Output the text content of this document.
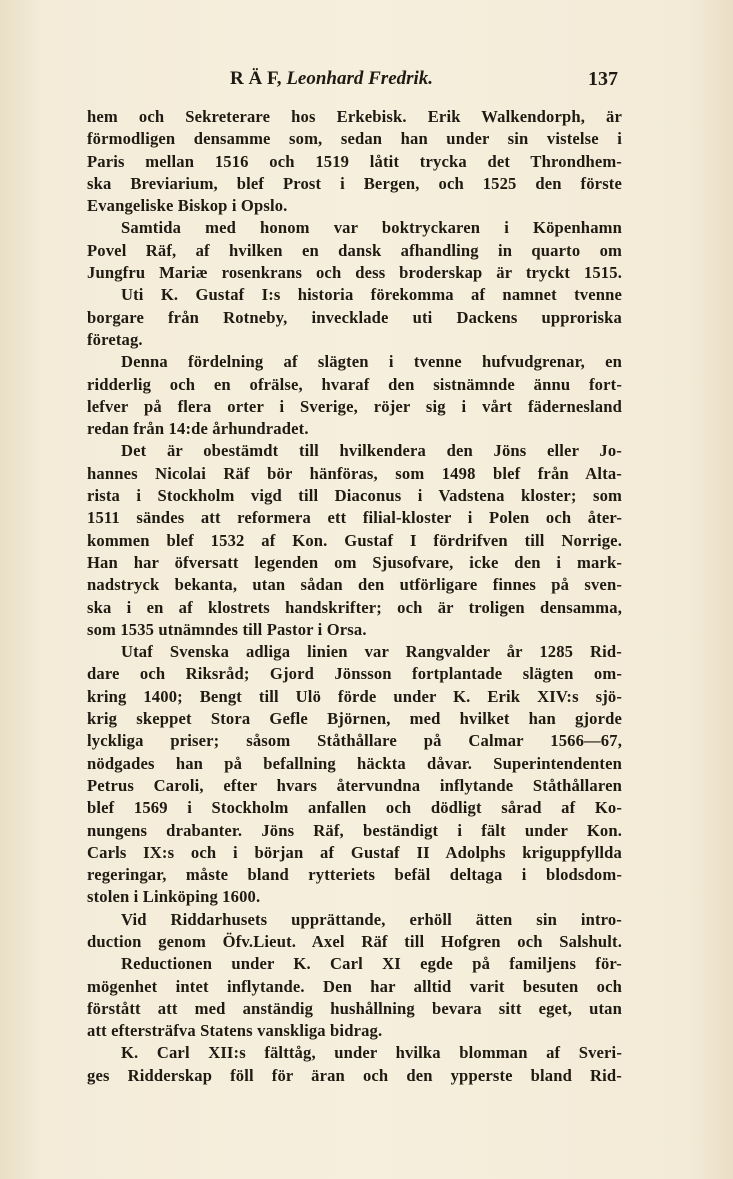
R Ä F, Leonhard Fredrik.	137
hem och Sekreterare hos Erkebisk. Erik Walkendorph, är
förmodligen densamme som, sedan han under sin vistelse i
Paris mellan 1516 och 1519 låtit trycka det Throndhem-
ska Breviarium, blef Prost i Bergen, och 1525 den förste
Evangeliske Biskop i Opslo.
Samtida med honom var boktryckaren i Köpenhamn
Povel Räf, af hvilken en dansk afhandling in quarto om
Jungfru Mariæ rosenkrans och dess broderskap är tryckt 1515.
Uti K. Gustaf I:s historia förekomma af namnet tvenne
borgare från Rotneby, invecklade uti Dackens upproriska
företag.
Denna fördelning af slägten i tvenne hufvudgrenar, en
ridderlig och en ofrälse, hvaraf den sistnämnde ännu fort-
lefver på flera orter i Sverige, röjer sig i vårt fädernesland
redan från 14:de århundradet.
Det är obestämdt till hvilkendera den Jöns eller Jo-
hannes Nicolai Räf bör hänföras, som 1498 blef från Alta-
rista i Stockholm vigd till Diaconus i Vadstena kloster; som
1511 sändes att reformera ett filial-kloster i Polen och åter-
kommen blef 1532 af Kon. Gustaf I fördrifven till Norrige.
Han har öfversatt legenden om Sjusofvare, icke den i mark-
nadstryck bekanta, utan sådan den utförligare finnes på sven-
ska i en af klostrets handskrifter; och är troligen densamma,
som 1535 utnämndes till Pastor i Orsa.
Utaf Svenska adliga linien var Rangvalder år 1285 Rid-
dare och Riksråd; Gjord Jönsson fortplantade slägten om-
kring 1400; Bengt till Ulö förde under K. Erik XIV:s sjö-
krig skeppet Stora Gefle Björnen, med hvilket han gjorde
lyckliga priser; såsom Ståthållare på Calmar 1566—67,
nödgades han på befallning häckta dåvar. Superintendenten
Petrus Caroli, efter hvars återvundna inflytande Ståthållaren
blef 1569 i Stockholm anfallen och dödligt sårad af Ko-
nungens drabanter. Jöns Räf, beständigt i fält under Kon.
Carls IX:s och i början af Gustaf II Adolphs kriguppfyllda
regeringar, måste bland rytteriets befäl deltaga i blodsdom-
stolen i Linköping 1600.
Vid Riddarhusets upprättande, erhöll ätten sin intro-
duction genom Öfv.Lieut. Axel Räf till Hofgren och Salshult.
Reductionen under K. Carl XI egde på familjens för-
mögenhet intet inflytande. Den har alltid varit besuten och
förstått att med anständig hushållning bevara sitt eget, utan
att eftersträfva Statens vanskliga bidrag.
K. Carl XII:s fälttåg, under hvilka blomman af Sveri-
ges Ridderskap föll för äran och den ypperste bland Rid-
